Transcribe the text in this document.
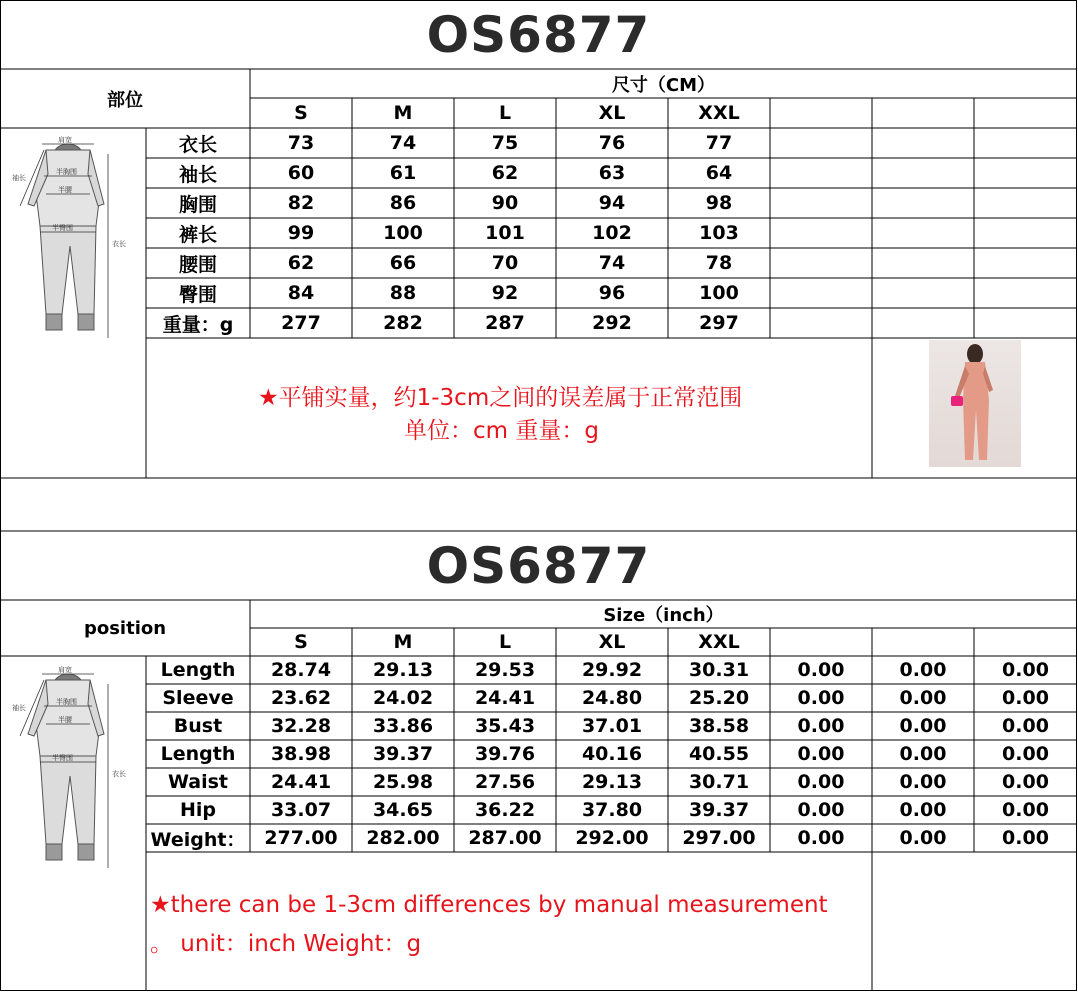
OS6877
部位
尺寸（CM）
S	M	L	XL	XXL
衣长	73	74	75	76	77
袖长	60	61	62	63	64
胸围	82	86	90	94	98
裤长	99	100	101	102	103
腰围	62	66	70	74	78
臀围	84	88	92	96	100
重量：g	277	282	287	292	297
肩宽
袖长
半胸围
半腰
半臀围
衣长
★平铺实量，约1-3cm之间的误差属于正常范围
单位：cm 重量：g
OS6877
position
Size（inch）
S	M	L	XL	XXL
Length	28.74	29.13	29.53	29.92	30.31	0.00	0.00	0.00
Sleeve	23.62	24.02	24.41	24.80	25.20	0.00	0.00	0.00
Bust	32.28	33.86	35.43	37.01	38.58	0.00	0.00	0.00
Length	38.98	39.37	39.76	40.16	40.55	0.00	0.00	0.00
Waist	24.41	25.98	27.56	29.13	30.71	0.00	0.00	0.00
Hip	33.07	34.65	36.22	37.80	39.37	0.00	0.00	0.00
Weight： 277.00	282.00	287.00	292.00	297.00	0.00	0.00	0.00
肩宽
袖长
半胸围
半腰
半臀围
衣长
★there can be 1-3cm differences by manual measurement
。 unit：inch Weight：g
